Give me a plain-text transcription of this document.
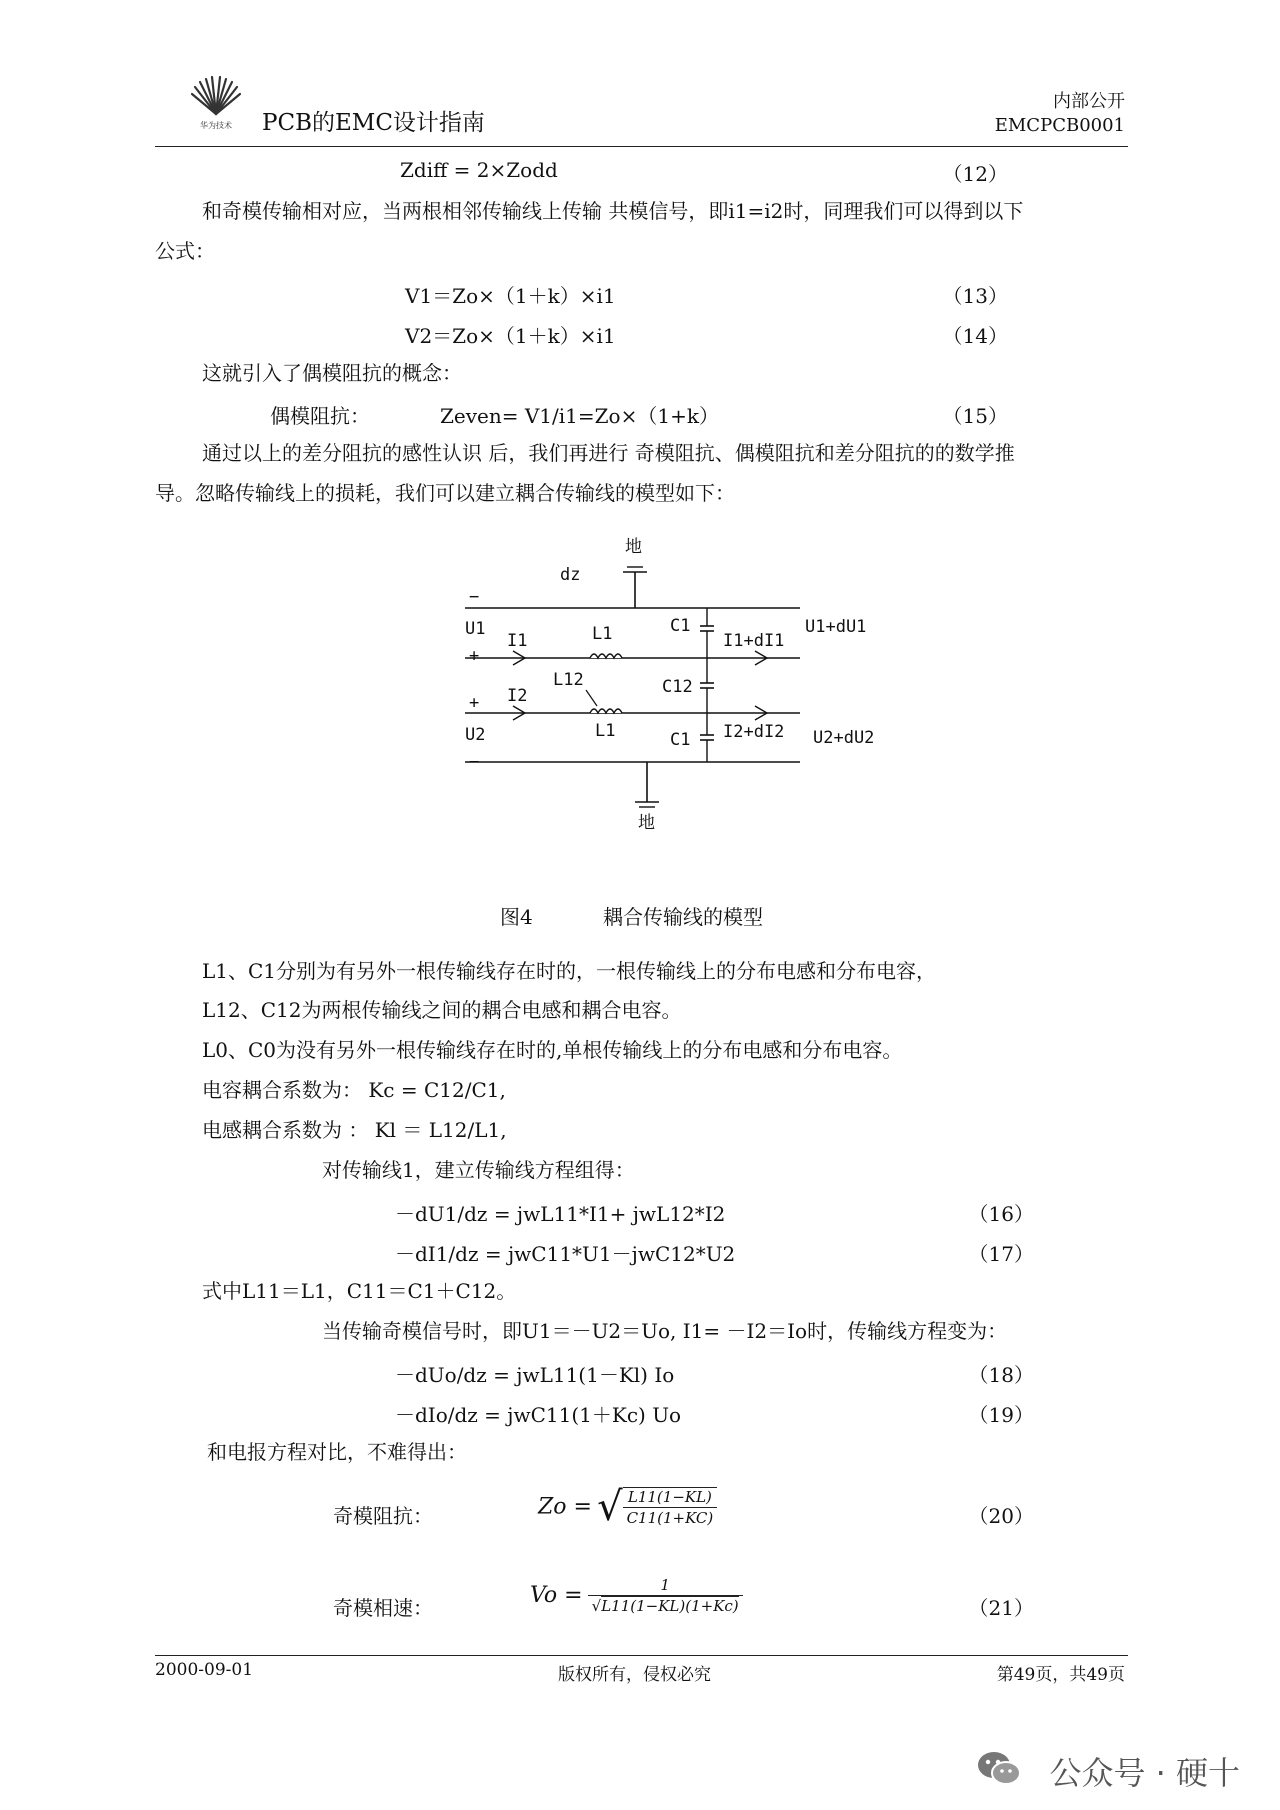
华为技术 PCB的EMC设计指南
内部公开
EMCPCB0001
Zdiff = 2×Zodd	（12）
和奇模传输相对应，当两根相邻传输线上传输 共模信号，即i1=i2时，同理我们可以得到以下
公式：
V1＝Zo×（1＋k）×i1	（13）
V2＝Zo×（1＋k）×i1	（14）
这就引入了偶模阻抗的概念：
偶模阻抗：	Zeven= V1/i1=Zo×（1+k）	（15）
通过以上的差分阻抗的感性认识 后，我们再进行 奇模阻抗、偶模阻抗和差分阻抗的的数学推
导。忽略传输线上的损耗，我们可以建立耦合传输线的模型如下：
地
地
dz
−
U1
+
I1	L1	C1
I1+dI1
U1+dU1
L12	C12
+ I2
U2	L1	C1 I2+dI2 U2+dU2
−
图4	耦合传输线的模型
L1、C1分别为有另外一根传输线存在时的，一根传输线上的分布电感和分布电容，
L12、C12为两根传输线之间的耦合电感和耦合电容。
L0、C0为没有另外一根传输线存在时的,单根传输线上的分布电感和分布电容。
电容耦合系数为： Kc = C12/C1,
电感耦合系数为 ： Kl ＝ L12/L1,
对传输线1，建立传输线方程组得：
－dU1/dz = jwL11*I1+ jwL12*I2	（16）
－dI1/dz = jwC11*U1－jwC12*U2	（17）
式中L11＝L1，C11＝C1＋C12。
当传输奇模信号时，即U1＝－U2＝Uo, I1= －I2＝Io时，传输线方程变为：
－dUo/dz = jwL11(1－Kl) Io	（18）
－dIo/dz = jwC11(1＋Kc) Uo	（19）
和电报方程对比，不难得出：
奇模阻抗：	Zo = √ $\frac{L11(1-KL)}{C11(1+KC)}$	（20）
奇模相速：	$Vo = \frac{1}{√L11(1-KL)(1+Kc)}$	（21）
2000-09-01	版权所有，侵权必究	第49页，共49页
公众号 · 硬十
